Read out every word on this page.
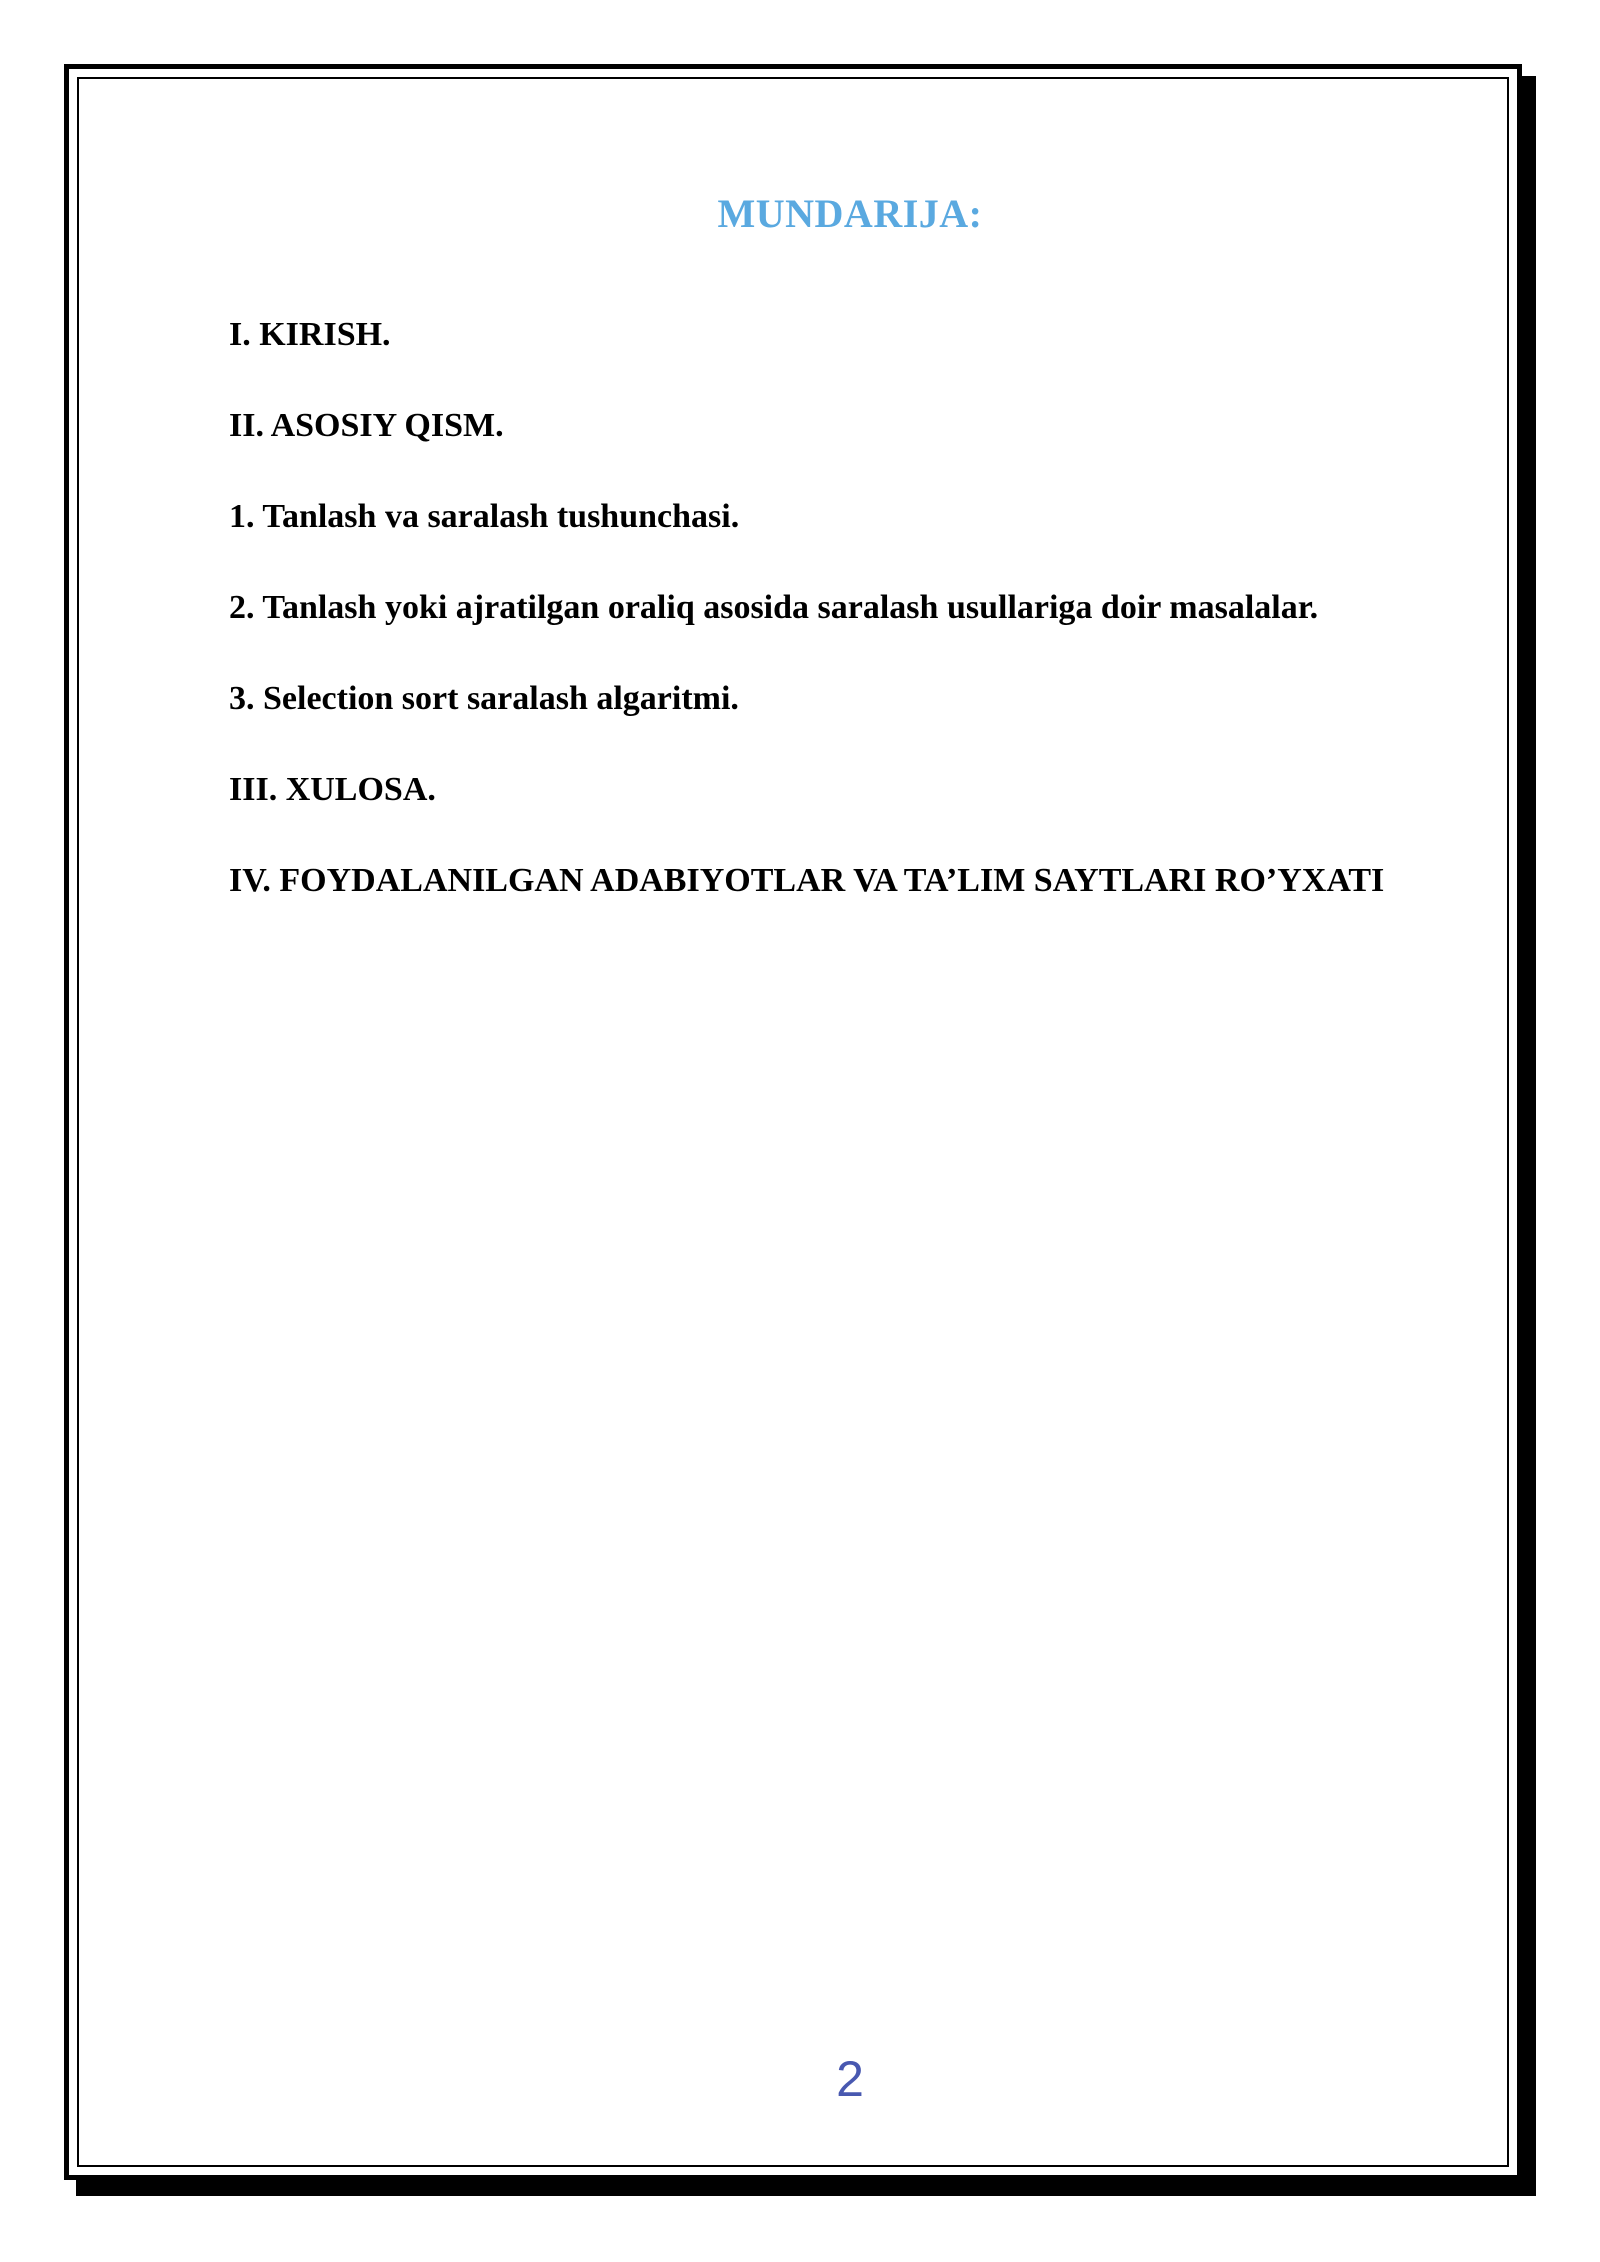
MUNDARIJA:
I. KIRISH.
II. ASOSIY QISM.
1. Tanlash va saralash tushunchasi.
2. Tanlash yoki ajratilgan oraliq asosida saralash usullariga doir masalalar.
3. Selection sort saralash algaritmi.
III. XULOSA.
IV. FOYDALANILGAN ADABIYOTLAR VA TA’LIM SAYTLARI RO’YXATI
2
